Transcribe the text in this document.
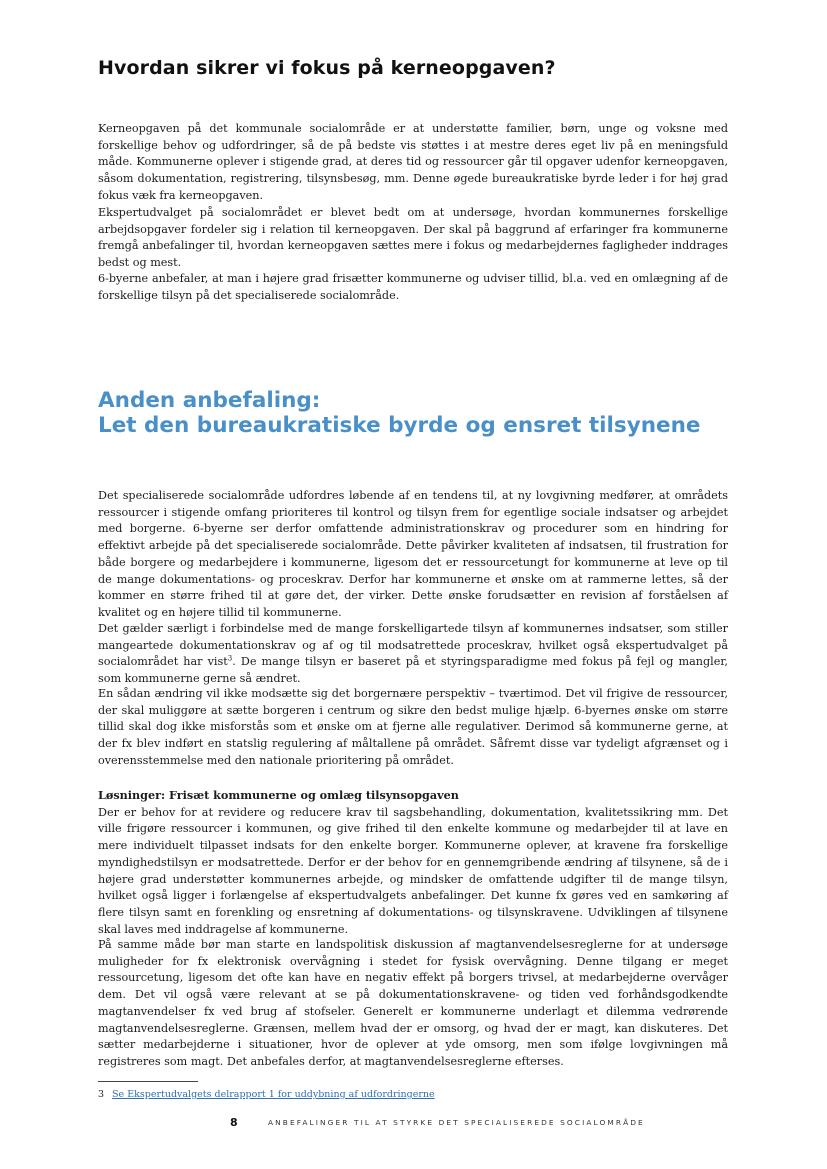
Hvordan sikrer vi fokus på kerneopgaven?

Kerneopgaven på det kommunale socialområde er at understøtte familier, børn, unge og voksne med forskellige behov og udfordringer, så de på bedste vis støttes i at mestre deres eget liv på en meningsfuld måde. Kommunerne oplever i stigende grad, at deres tid og ressourcer går til opgaver udenfor kerneopgaven, såsom dokumentation, registrering, tilsynsbesøg, mm. Denne øgede bureaukratiske byrde leder i for høj grad fokus væk fra kerneopgaven.

Ekspertudvalget på socialområdet er blevet bedt om at undersøge, hvordan kommunernes forskellige arbejdsopgaver fordeler sig i relation til kerneopgaven. Der skal på baggrund af erfaringer fra kommunerne fremgå anbefalinger til, hvordan kerneopgaven sættes mere i fokus og medarbejdernes fagligheder inddrages bedst og mest.

6-byerne anbefaler, at man i højere grad frisætter kommunerne og udviser tillid, bl.a. ved en omlægning af de forskellige tilsyn på det specialiserede socialområde.

Anden anbefaling:
Let den bureaukratiske byrde og ensret tilsynene

Det specialiserede socialområde udfordres løbende af en tendens til, at ny lovgivning medfører, at områdets ressourcer i stigende omfang prioriteres til kontrol og tilsyn frem for egentlige sociale indsatser og arbejdet med borgerne. 6-byerne ser derfor omfattende administrationskrav og procedurer som en hindring for effektivt arbejde på det specialiserede socialområde. Dette påvirker kvaliteten af indsatsen, til frustration for både borgere og medarbejdere i kommunerne, ligesom det er ressourcetungt for kommunerne at leve op til de mange dokumentations- og proceskrav. Derfor har kommunerne et ønske om at rammerne lettes, så der kommer en større frihed til at gøre det, der virker. Dette ønske forudsætter en revision af forståelsen af kvalitet og en højere tillid til kommunerne.

Det gælder særligt i forbindelse med de mange forskelligartede tilsyn af kommunernes indsatser, som stiller mangeartede dokumentationskrav og af og til modsatrettede proceskrav, hvilket også ekspertudvalget på socialområdet har vist$^3$. De mange tilsyn er baseret på et styringsparadigme med fokus på fejl og mangler, som kommunerne gerne så ændret.

En sådan ændring vil ikke modsætte sig det borgernære perspektiv – tværtimod. Det vil frigive de ressourcer, der skal muliggøre at sætte borgeren i centrum og sikre den bedst mulige hjælp. 6-byernes ønske om større tillid skal dog ikke misforstås som et ønske om at fjerne alle regulativer. Derimod så kommunerne gerne, at der fx blev indført en statslig regulering af måltallene på området. Såfremt disse var tydeligt afgrænset og i overensstemmelse med den nationale prioritering på området.

Løsninger: Frisæt kommunerne og omlæg tilsynsopgaven
Der er behov for at revidere og reducere krav til sagsbehandling, dokumentation, kvalitetssikring mm. Det ville frigøre ressourcer i kommunen, og give frihed til den enkelte kommune og medarbejder til at lave en mere individuelt tilpasset indsats for den enkelte borger. Kommunerne oplever, at kravene fra forskellige myndighedstilsyn er modsatrettede. Derfor er der behov for en gennemgribende ændring af tilsynene, så de i højere grad understøtter kommunernes arbejde, og mindsker de omfattende udgifter til de mange tilsyn, hvilket også ligger i forlængelse af ekspertudvalgets anbefalinger. Det kunne fx gøres ved en samkøring af flere tilsyn samt en forenkling og ensretning af dokumentations- og tilsynskravene. Udviklingen af tilsynene skal laves med inddragelse af kommunerne.

På samme måde bør man starte en landspolitisk diskussion af magtanvendelsesreglerne for at undersøge muligheder for fx elektronisk overvågning i stedet for fysisk overvågning. Denne tilgang er meget ressourcetung, ligesom det ofte kan have en negativ effekt på borgers trivsel, at medarbejderne overvåger dem. Det vil også være relevant at se på dokumentationskravene- og tiden ved forhåndsgodkendte magtanvendelser fx ved brug af stofseler. Generelt er kommunerne underlagt et dilemma vedrørende magtanvendelsesreglerne. Grænsen, mellem hvad der er omsorg, og hvad der er magt, kan diskuteres. Det sætter medarbejderne i situationer, hvor de oplever at yde omsorg, men som ifølge lovgivningen må registreres som magt. Det anbefales derfor, at magtanvendelsesreglerne efterses.

3 Se Ekspertudvalgets delrapport 1 for uddybning af udfordringerne
8	ANBEFALINGER TIL AT STYRKE DET SPECIALISEREDE SOCIALOMRÅDE
